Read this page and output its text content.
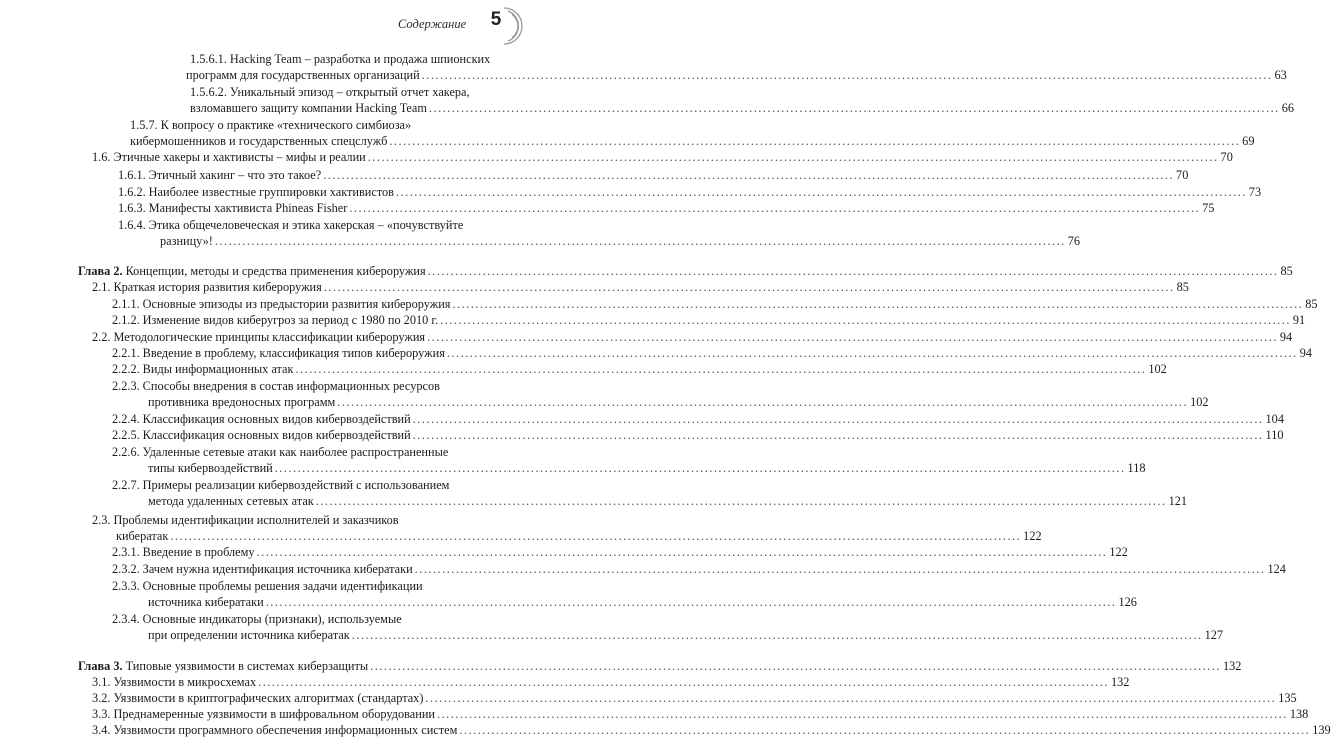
Содержание 5
1.5.6.1. Hacking Team – разработка и продажа шпионских
программ для государственных организаций .......................................................................................................................................................................................... 63
1.5.6.2. Уникальный эпизод – открытый отчет хакера,
взломавшего защиту компании Hacking Team .......................................................................................................................................................................................... 66
1.5.7. К вопросу о практике «технического симбиоза»
кибермошенников и государственных спецслужб .......................................................................................................................................................................................... 69
1.6. Этичные хакеры и хактивисты – мифы и реалии .......................................................................................................................................................................................... 70
1.6.1. Этичный хакинг – что это такое? .......................................................................................................................................................................................... 70
1.6.2. Наиболее известные группировки хактивистов .......................................................................................................................................................................................... 73
1.6.3. Манифесты хактивиста Phineas Fisher .......................................................................................................................................................................................... 75
1.6.4. Этика общечеловеческая и этика хакерская – «почувствуйте
разницу»! .......................................................................................................................................................................................... 76
Глава 2. Концепции, методы и средства применения кибероружия .......................................................................................................................................................................................... 85
2.1. Краткая история развития кибероружия .......................................................................................................................................................................................... 85
2.1.1. Основные эпизоды из предыстории развития кибероружия .......................................................................................................................................................................................... 85
2.1.2. Изменение видов киберугроз за период с 1980 по 2010 г. .......................................................................................................................................................................................... 91
2.2. Методологические принципы классификации кибероружия .......................................................................................................................................................................................... 94
2.2.1. Введение в проблему, классификация типов кибероружия .......................................................................................................................................................................................... 94
2.2.2. Виды информационных атак .......................................................................................................................................................................................... 102
2.2.3. Способы внедрения в состав информационных ресурсов
противника вредоносных программ .......................................................................................................................................................................................... 102
2.2.4. Классификация основных видов кибервоздействий .......................................................................................................................................................................................... 104
2.2.5. Классификация основных видов кибервоздействий .......................................................................................................................................................................................... 110
2.2.6. Удаленные сетевые атаки как наиболее распространенные
типы кибервоздействий .......................................................................................................................................................................................... 118
2.2.7. Примеры реализации кибервоздействий с использованием
метода удаленных сетевых атак .......................................................................................................................................................................................... 121
2.3. Проблемы идентификации исполнителей и заказчиков
кибератак .......................................................................................................................................................................................... 122
2.3.1. Введение в проблему .......................................................................................................................................................................................... 122
2.3.2. Зачем нужна идентификация источника кибератаки .......................................................................................................................................................................................... 124
2.3.3. Основные проблемы решения задачи идентификации
источника кибератаки .......................................................................................................................................................................................... 126
2.3.4. Основные индикаторы (признаки), используемые
при определении источника кибератак .......................................................................................................................................................................................... 127
Глава 3. Типовые уязвимости в системах киберзащиты .......................................................................................................................................................................................... 132
3.1. Уязвимости в микросхемах .......................................................................................................................................................................................... 132
3.2. Уязвимости в криптографических алгоритмах (стандартах) .......................................................................................................................................................................................... 135
3.3. Преднамеренные уязвимости в шифровальном оборудовании .......................................................................................................................................................................................... 138
3.4. Уязвимости программного обеспечения информационных систем .......................................................................................................................................................................................... 139
